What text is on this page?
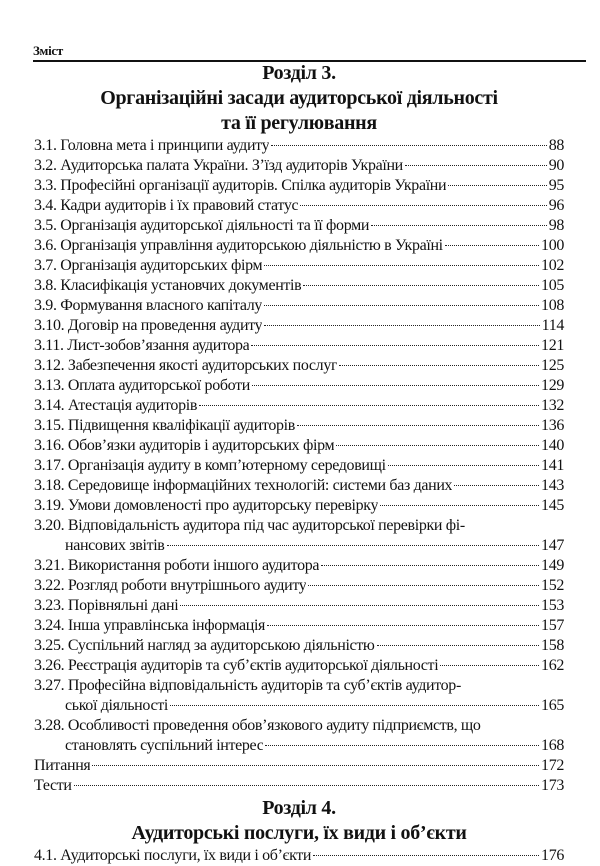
Зміст
Розділ 3.
Організаційні засади аудиторської діяльності
та її регулювання
3.1. Головна мета і принципи аудиту	88
3.2. Аудиторська палата України. З’їзд аудиторів України	90
3.3. Професійні організації аудиторів. Спілка аудиторів України	95
3.4. Кадри аудиторів і їх правовий статус	96
3.5. Організація аудиторської діяльності та її форми	98
3.6. Організація управління аудиторською діяльністю в Україні	100
3.7. Організація аудиторських фірм	102
3.8. Класифікація установчих документів	105
3.9. Формування власного капіталу	108
3.10. Договір на проведення аудиту	114
3.11. Лист-зобов’язання аудитора	121
3.12. Забезпечення якості аудиторських послуг	125
3.13. Оплата аудиторської роботи	129
3.14. Атестація аудиторів	132
3.15. Підвищення кваліфікації аудиторів	136
3.16. Обов’язки аудиторів і аудиторських фірм	140
3.17. Організація аудиту в комп’ютерному середовищі	141
3.18. Середовище інформаційних технологій: системи баз даних	143
3.19. Умови домовленості про аудиторську перевірку	145
3.20. Відповідальність аудитора під час аудиторської перевірки фі-
нансових звітів	147
3.21. Використання роботи іншого аудитора	149
3.22. Розгляд роботи внутрішнього аудиту	152
3.23. Порівняльні дані	153
3.24. Інша управлінська інформація	157
3.25. Суспільний нагляд за аудиторською діяльністю	158
3.26. Реєстрація аудиторів та суб’єктів аудиторської діяльності	162
3.27. Професійна відповідальність аудиторів та суб’єктів аудитор-
ської діяльності	165
3.28. Особливості проведення обов’язкового аудиту підприємств, що
становлять суспільний інтерес	168
Питання	172
Тести	173
Розділ 4.
Аудиторські послуги, їх види і об’єкти
4.1. Аудиторські послуги, їх види і об’єкти	176
